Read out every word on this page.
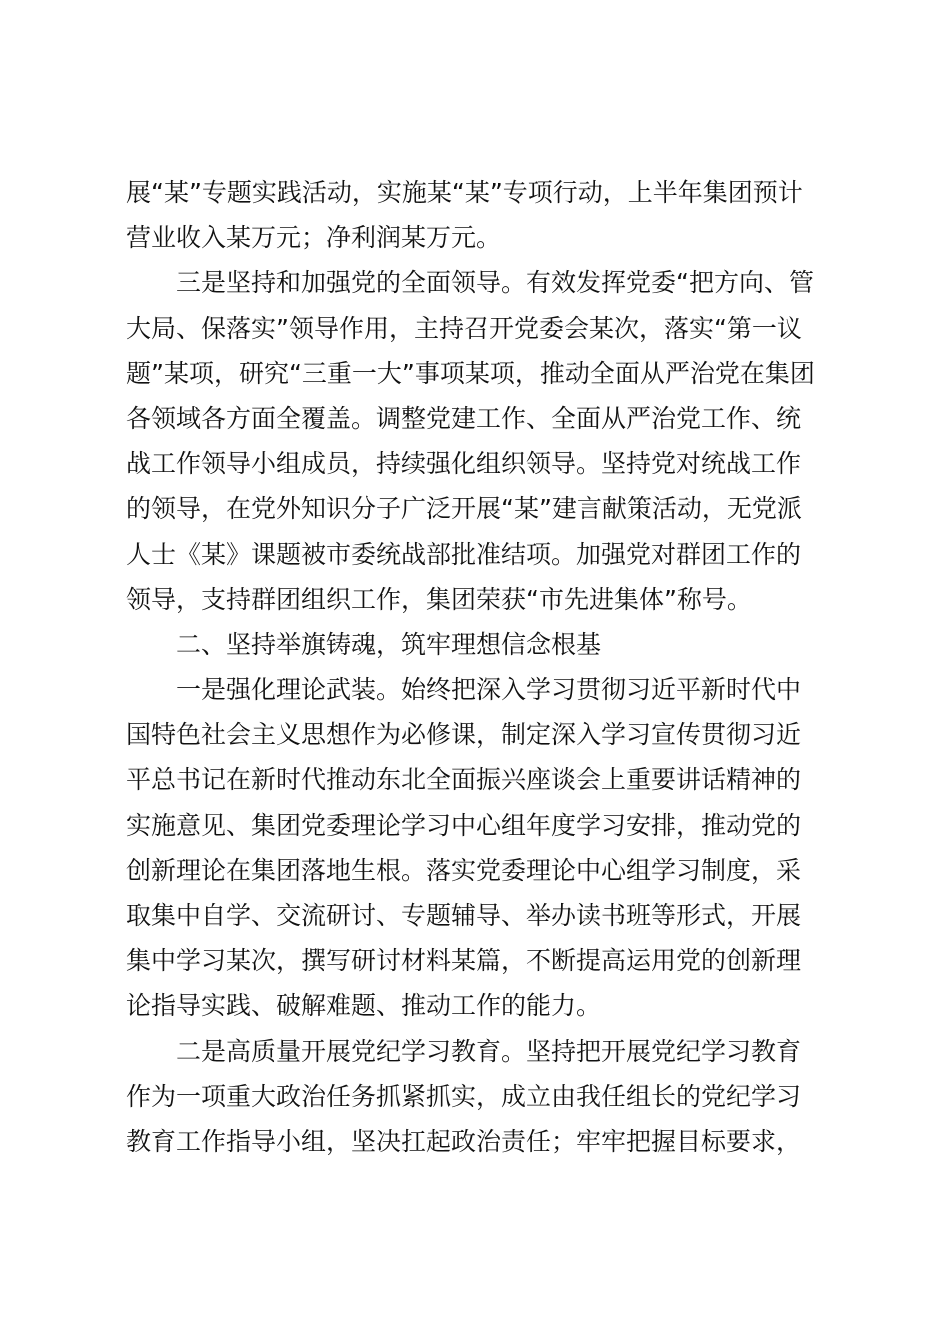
展“某”专题实践活动，实施某“某”专项行动，上半年集团预计
营业收入某万元；净利润某万元。
三是坚持和加强党的全面领导。有效发挥党委“把方向、管
大局、保落实”领导作用，主持召开党委会某次，落实“第一议
题”某项，研究“三重一大”事项某项，推动全面从严治党在集团
各领域各方面全覆盖。调整党建工作、全面从严治党工作、统
战工作领导小组成员，持续强化组织领导。坚持党对统战工作
的领导，在党外知识分子广泛开展“某”建言献策活动，无党派
人士《某》课题被市委统战部批准结项。加强党对群团工作的
领导，支持群团组织工作，集团荣获“市先进集体”称号。
二、坚持举旗铸魂，筑牢理想信念根基
一是强化理论武装。始终把深入学习贯彻习近平新时代中
国特色社会主义思想作为必修课，制定深入学习宣传贯彻习近
平总书记在新时代推动东北全面振兴座谈会上重要讲话精神的
实施意见、集团党委理论学习中心组年度学习安排，推动党的
创新理论在集团落地生根。落实党委理论中心组学习制度，采
取集中自学、交流研讨、专题辅导、举办读书班等形式，开展
集中学习某次，撰写研讨材料某篇，不断提高运用党的创新理
论指导实践、破解难题、推动工作的能力。
二是高质量开展党纪学习教育。坚持把开展党纪学习教育
作为一项重大政治任务抓紧抓实，成立由我任组长的党纪学习
教育工作指导小组，坚决扛起政治责任；牢牢把握目标要求，
